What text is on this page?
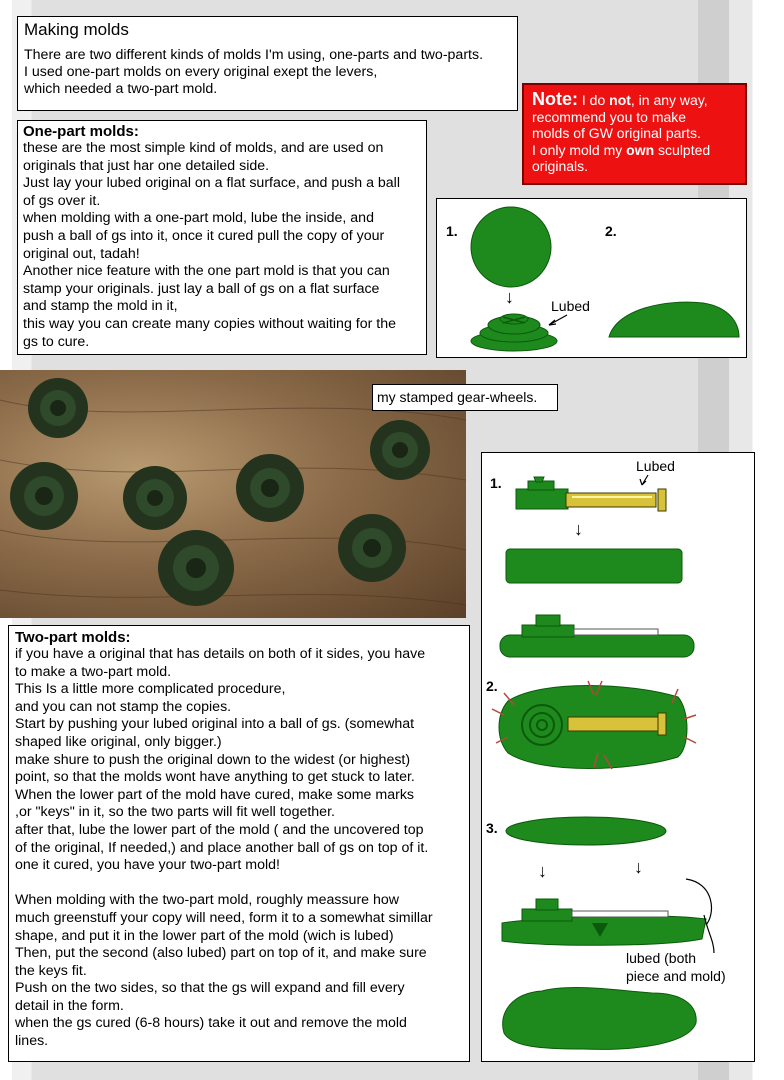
Making molds
There are two different kinds of molds I'm using, one-parts and two-parts.
I used one-part molds on every original exept the levers,
which needed a two-part mold.	Note: I do not, in any way,
recommend you to make
molds of GW original parts.
I only mold my own sculpted
originals.
One-part molds:
these are the most simple kind of molds, and are used on
originals that just har one detailed side.
Just lay your lubed original on a flat surface, and push a ball
of gs over it.
when molding with a one-part mold, lube the inside, and
push a ball of gs into it, once it cured pull the copy of your
original out, tadah!
Another nice feature with the one part mold is that you can
stamp your originals. just lay a ball of gs on a flat surface
and stamp the mold in it,
this way you can create many copies without waiting for the
gs to cure.
1.	2.
↓	Lubed
my stamped gear-wheels.
Two-part molds:
if you have a original that has details on both of it sides, you have
to make a two-part mold.
This Is a little more complicated procedure,
and you can not stamp the copies.
Start by pushing your lubed original into a ball of gs. (somewhat
shaped like original, only bigger.)
make shure to push the original down to the widest (or highest)
point, so that the molds wont have anything to get stuck to later.
When the lower part of the mold have cured, make some marks
,or "keys" in it, so the two parts will fit well together.
after that, lube the lower part of the mold ( and the uncovered top
of the original, If needed,) and place another ball of gs on top of it.
one it cured, you have your two-part mold!

When molding with the two-part mold, roughly meassure how
much greenstuff your copy will need, form it to a somewhat simillar
shape, and put it in the lower part of the mold (wich is lubed)
Then, put the second (also lubed) part on top of it, and make sure
the keys fit.
Push on the two sides, so that the gs will expand and fill every
detail in the form.
when the gs cured (6-8 hours) take it out and remove the mold
lines.
1.
Lubed
↓
2.
3.
↓	↓
lubed (both
piece and mold)
